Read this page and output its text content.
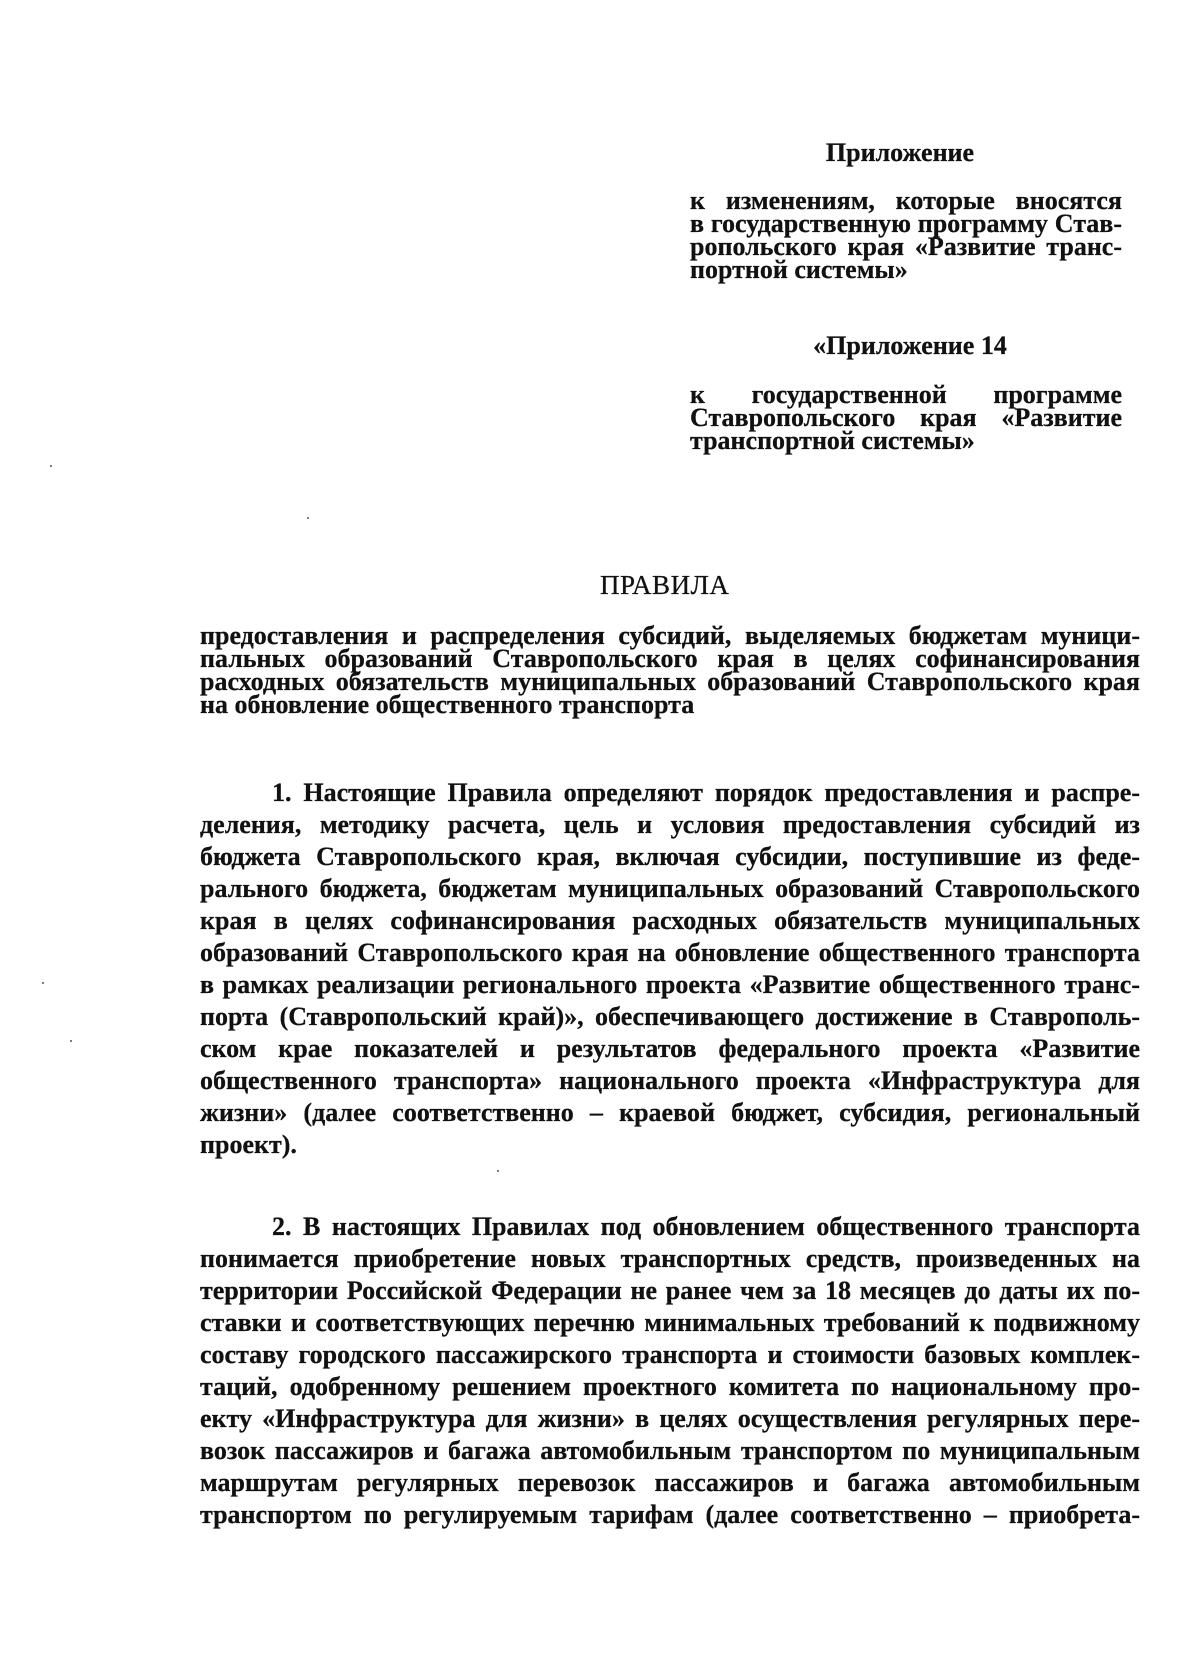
Приложение
к изменениям, которые вносятся
в государственную программу Став-
ропольского края «Развитие транс-
портной системы»
«Приложение 14
к государственной программе
Ставропольского края «Развитие
транспортной системы»
ПРАВИЛА
предоставления и распределения субсидий, выделяемых бюджетам муници-
пальных образований Ставропольского края в целях софинансирования
расходных обязательств муниципальных образований Ставропольского края
на обновление общественного транспорта
1. Настоящие Правила определяют порядок предоставления и распре-
деления, методику расчета, цель и условия предоставления субсидий из
бюджета Ставропольского края, включая субсидии, поступившие из феде-
рального бюджета, бюджетам муниципальных образований Ставропольского
края в целях софинансирования расходных обязательств муниципальных
образований Ставропольского края на обновление общественного транспорта
в рамках реализации регионального проекта «Развитие общественного транс-
порта (Ставропольский край)», обеспечивающего достижение в Ставрополь-
ском крае показателей и результатов федерального проекта «Развитие
общественного транспорта» национального проекта «Инфраструктура для
жизни» (далее соответственно – краевой бюджет, субсидия, региональный
проект).
2. В настоящих Правилах под обновлением общественного транспорта
понимается приобретение новых транспортных средств, произведенных на
территории Российской Федерации не ранее чем за 18 месяцев до даты их по-
ставки и соответствующих перечню минимальных требований к подвижному
составу городского пассажирского транспорта и стоимости базовых комплек-
таций, одобренному решением проектного комитета по национальному про-
екту «Инфраструктура для жизни» в целях осуществления регулярных пере-
возок пассажиров и багажа автомобильным транспортом по муниципальным
маршрутам регулярных перевозок пассажиров и багажа автомобильным
транспортом по регулируемым тарифам (далее соответственно – приобрета-
